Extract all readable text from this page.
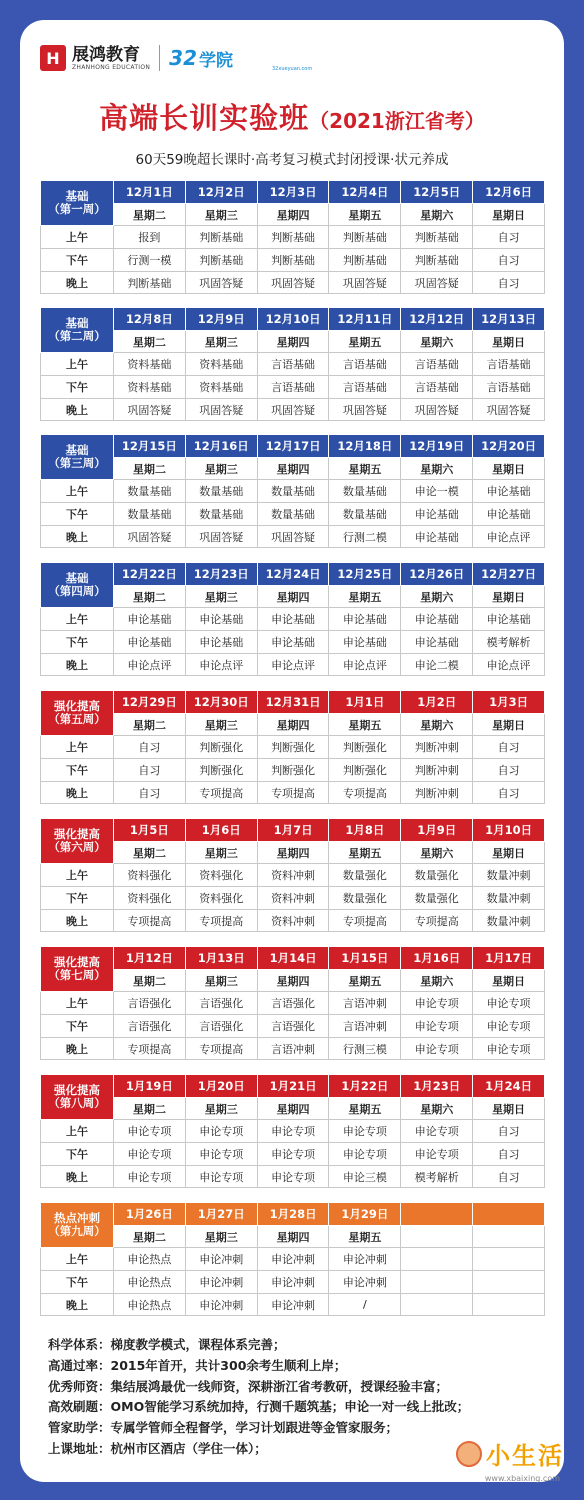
H 展鸿教育
ZHANHONG EDUCATION 32 学院	32xueyuan.com
高端长训实验班（2021浙江省考）
60天59晚超长课时·高考复习模式封闭授课·状元养成
基础
（第一周）	12月1日	12月2日	12月3日	12月4日	12月5日	12月6日
	星期二	星期三	星期四	星期五	星期六	星期日
上午	报到	判断基础	判断基础	判断基础	判断基础	自习
下午	行测一模	判断基础	判断基础	判断基础	判断基础	自习
晚上	判断基础	巩固答疑	巩固答疑	巩固答疑	巩固答疑	自习
基础
（第二周）	12月8日	12月9日	12月10日	12月11日	12月12日	12月13日
	星期二	星期三	星期四	星期五	星期六	星期日
上午	资料基础	资料基础	言语基础	言语基础	言语基础	言语基础
下午	资料基础	资料基础	言语基础	言语基础	言语基础	言语基础
晚上	巩固答疑	巩固答疑	巩固答疑	巩固答疑	巩固答疑	巩固答疑
基础
（第三周）	12月15日	12月16日	12月17日	12月18日	12月19日	12月20日
	星期二	星期三	星期四	星期五	星期六	星期日
上午	数量基础	数量基础	数量基础	数量基础	申论一模	申论基础
下午	数量基础	数量基础	数量基础	数量基础	申论基础	申论基础
晚上	巩固答疑	巩固答疑	巩固答疑	行测二模	申论基础	申论点评
基础
（第四周）	12月22日	12月23日	12月24日	12月25日	12月26日	12月27日
	星期二	星期三	星期四	星期五	星期六	星期日
上午	申论基础	申论基础	申论基础	申论基础	申论基础	申论基础
下午	申论基础	申论基础	申论基础	申论基础	申论基础	模考解析
晚上	申论点评	申论点评	申论点评	申论点评	申论二模	申论点评
强化提高
（第五周）	12月29日	12月30日	12月31日	1月1日	1月2日	1月3日
	星期二	星期三	星期四	星期五	星期六	星期日
上午	自习	判断强化	判断强化	判断强化	判断冲刺	自习
下午	自习	判断强化	判断强化	判断强化	判断冲刺	自习
晚上	自习	专项提高	专项提高	专项提高	判断冲刺	自习
强化提高
（第六周）	1月5日	1月6日	1月7日	1月8日	1月9日	1月10日
	星期二	星期三	星期四	星期五	星期六	星期日
上午	资料强化	资料强化	资料冲刺	数量强化	数量强化	数量冲刺
下午	资料强化	资料强化	资料冲刺	数量强化	数量强化	数量冲刺
晚上	专项提高	专项提高	资料冲刺	专项提高	专项提高	数量冲刺
强化提高
（第七周）	1月12日	1月13日	1月14日	1月15日	1月16日	1月17日
	星期二	星期三	星期四	星期五	星期六	星期日
上午	言语强化	言语强化	言语强化	言语冲刺	申论专项	申论专项
下午	言语强化	言语强化	言语强化	言语冲刺	申论专项	申论专项
晚上	专项提高	专项提高	言语冲刺	行测三模	申论专项	申论专项
强化提高
（第八周）	1月19日	1月20日	1月21日	1月22日	1月23日	1月24日
	星期二	星期三	星期四	星期五	星期六	星期日
上午	申论专项	申论专项	申论专项	申论专项	申论专项	自习
下午	申论专项	申论专项	申论专项	申论专项	申论专项	自习
晚上	申论专项	申论专项	申论专项	申论三模	模考解析	自习
热点冲刺
（第九周）	1月26日	1月27日	1月28日	1月29日		
	星期二	星期三	星期四	星期五		
上午	申论热点	申论冲刺	申论冲刺	申论冲刺		
下午	申论热点	申论冲刺	申论冲刺	申论冲刺		
晚上	申论热点	申论冲刺	申论冲刺	/		
科学体系：梯度教学模式，课程体系完善；
高通过率：2015年首开，共计300余考生顺利上岸；
优秀师资：集结展鸿最优一线师资，深耕浙江省考教研，授课经验丰富；
高效刷题：OMO智能学习系统加持，行测千题筑基；申论一对一线上批改；
管家助学：专属学管师全程督学，学习计划跟进等金管家服务；
上课地址：杭州市区酒店（学住一体）；	小生活
www.xbaixing.com
